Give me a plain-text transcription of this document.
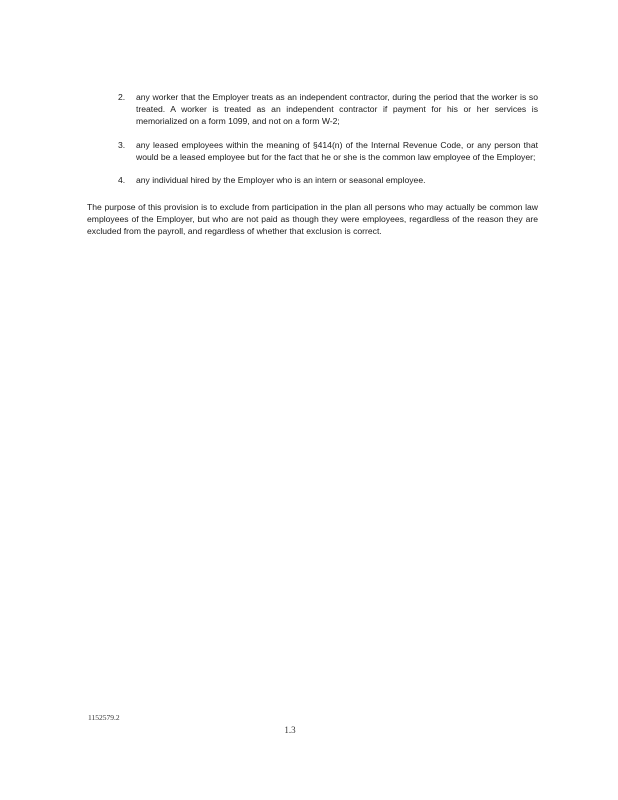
2. any worker that the Employer treats as an independent contractor, during the period that the worker is so treated. A worker is treated as an independent contractor if payment for his or her services is memorialized on a form 1099, and not on a form W-2;
3. any leased employees within the meaning of §414(n) of the Internal Revenue Code, or any person that would be a leased employee but for the fact that he or she is the common law employee of the Employer;
4. any individual hired by the Employer who is an intern or seasonal employee.

The purpose of this provision is to exclude from participation in the plan all persons who may actually be common law employees of the Employer, but who are not paid as though they were employees, regardless of the reason they are excluded from the payroll, and regardless of whether that exclusion is correct.

1152579.2
1.3
